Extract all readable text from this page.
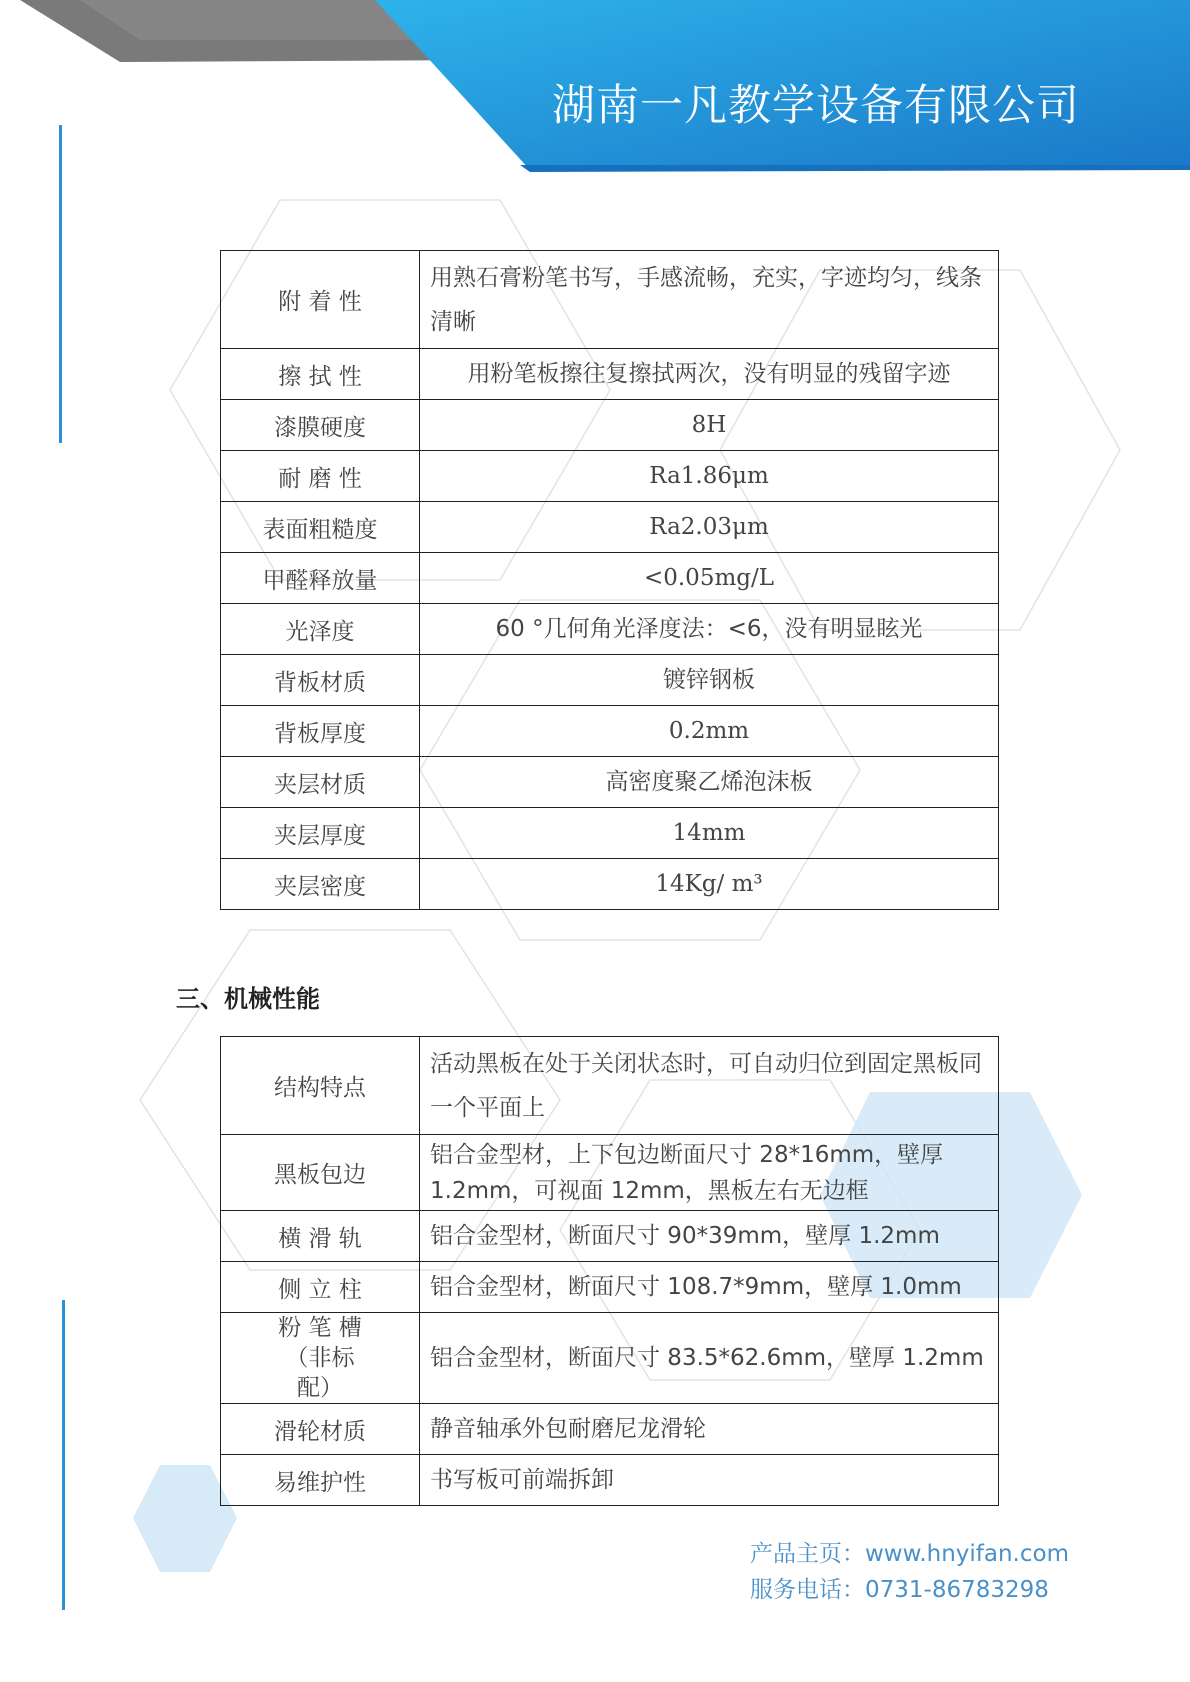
湖南一凡教学设备有限公司
附 着 性	用熟石膏粉笔书写，手感流畅，充实，字迹均匀，线条清晰
擦 拭 性	用粉笔板擦往复擦拭两次，没有明显的残留字迹
漆膜硬度	8H
耐 磨 性	Ra1.86μm
表面粗糙度	Ra2.03μm
甲醛释放量	<0.05mg/L
光泽度	60 °几何角光泽度法：<6，没有明显眩光
背板材质	镀锌钢板
背板厚度	0.2mm
夹层材质	高密度聚乙烯泡沫板
夹层厚度	14mm
夹层密度	14Kg/ m³
三、机械性能
结构特点	活动黑板在处于关闭状态时，可自动归位到固定黑板同一个平面上
黑板包边	铝合金型材，上下包边断面尺寸 28*16mm，壁厚1.2mm，可视面 12mm，黑板左右无边框
横 滑 轨	铝合金型材，断面尺寸 90*39mm，壁厚 1.2mm
侧 立 柱	铝合金型材，断面尺寸 108.7*9mm，壁厚 1.0mm
粉 笔 槽（非标配）	铝合金型材，断面尺寸 83.5*62.6mm，壁厚 1.2mm
滑轮材质	静音轴承外包耐磨尼龙滑轮
易维护性	书写板可前端拆卸
产品主页：www.hnyifan.com
服务电话：0731-86783298
